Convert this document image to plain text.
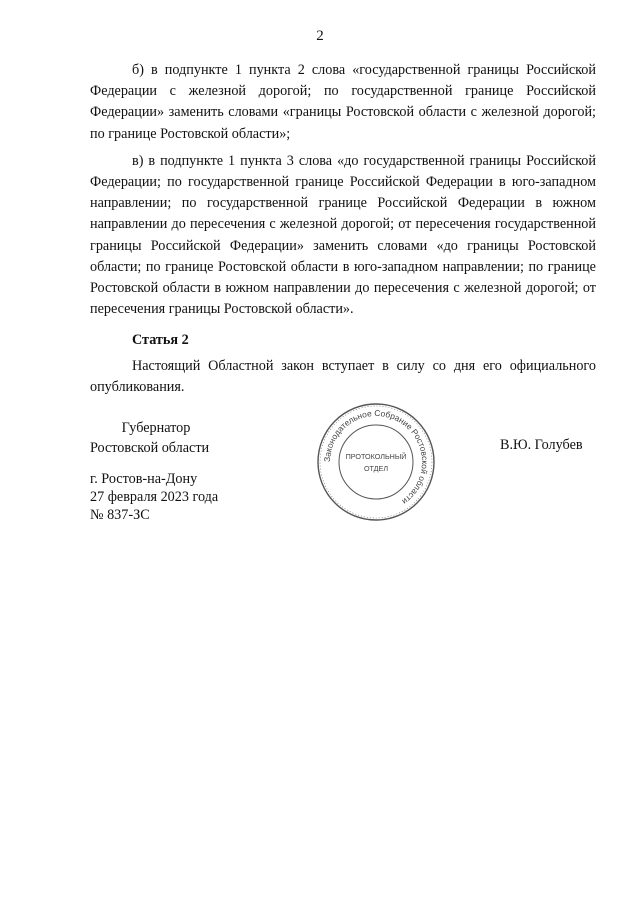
2

б) в подпункте 1 пункта 2 слова «государственной границы Российской Федерации с железной дорогой; по государственной границе Российской Федерации» заменить словами «границы Ростовской области с железной дорогой; по границе Ростовской области»;

в) в подпункте 1 пункта 3 слова «до государственной границы Российской Федерации; по государственной границе Российской Федерации в юго-западном направлении; по государственной границе Российской Федерации в южном направлении до пересечения с железной дорогой; от пересечения государственной границы Российской Федерации» заменить словами «до границы Ростовской области; по границе Ростовской области в юго-западном направлении; по границе Ростовской области в южном направлении до пересечения с железной дорогой; от пересечения границы Ростовской области».

Статья 2

Настоящий Областной закон вступает в силу со дня его официального опубликования.

Губернатор
Ростовской области	В.Ю. Голубев
г. Ростов-на-Дону
27 февраля 2023 года
№ 837-ЗС
Законодательное Собрание Ростовской области
ПРОТОКОЛЬНЫЙ
ОТДЕЛ
